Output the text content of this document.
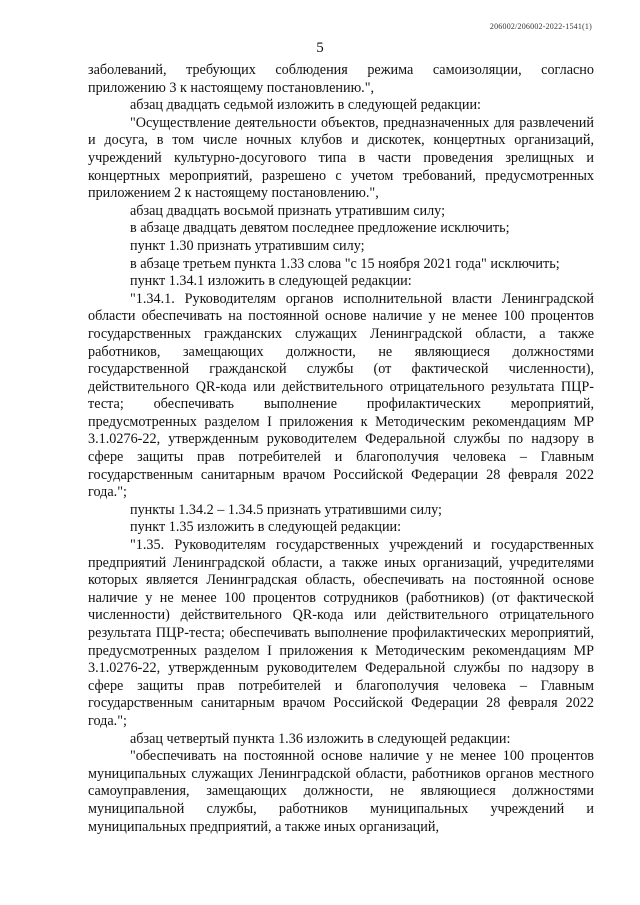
206002/206002-2022-1541(1)
5

заболеваний, требующих соблюдения режима самоизоляции, согласно приложению 3 к настоящему постановлению.",

абзац двадцать седьмой изложить в следующей редакции:

"Осуществление деятельности объектов, предназначенных для развлечений и досуга, в том числе ночных клубов и дискотек, концертных организаций, учреждений культурно-досугового типа в части проведения зрелищных и концертных мероприятий, разрешено с учетом требований, предусмотренных приложением 2 к настоящему постановлению.",

абзац двадцать восьмой признать утратившим силу;

в абзаце двадцать девятом последнее предложение исключить;

пункт 1.30 признать утратившим силу;

в абзаце третьем пункта 1.33 слова "с 15 ноября 2021 года" исключить;

пункт 1.34.1 изложить в следующей редакции:

"1.34.1. Руководителям органов исполнительной власти Ленинградской области обеспечивать на постоянной основе наличие у не менее 100 процентов государственных гражданских служащих Ленинградской области, а также работников, замещающих должности, не являющиеся должностями государственной гражданской службы (от фактической численности), действительного QR-кода или действительного отрицательного результата ПЦР-теста; обеспечивать выполнение профилактических мероприятий, предусмотренных разделом I приложения к Методическим рекомендациям МР 3.1.0276-22, утвержденным руководителем Федеральной службы по надзору в сфере защиты прав потребителей и благополучия человека – Главным государственным санитарным врачом Российской Федерации 28 февраля 2022 года.";

пункты 1.34.2 – 1.34.5 признать утратившими силу;

пункт 1.35 изложить в следующей редакции:

"1.35. Руководителям государственных учреждений и государственных предприятий Ленинградской области, а также иных организаций, учредителями которых является Ленинградская область, обеспечивать на постоянной основе наличие у не менее 100 процентов сотрудников (работников) (от фактической численности) действительного QR-кода или действительного отрицательного результата ПЦР-теста; обеспечивать выполнение профилактических мероприятий, предусмотренных разделом I приложения к Методическим рекомендациям МР 3.1.0276-22, утвержденным руководителем Федеральной службы по надзору в сфере защиты прав потребителей и благополучия человека – Главным государственным санитарным врачом Российской Федерации 28 февраля 2022 года.";

абзац четвертый пункта 1.36 изложить в следующей редакции:

"обеспечивать на постоянной основе наличие у не менее 100 процентов муниципальных служащих Ленинградской области, работников органов местного самоуправления, замещающих должности, не являющиеся должностями муниципальной службы, работников муниципальных учреждений и муниципальных предприятий, а также иных организаций,
